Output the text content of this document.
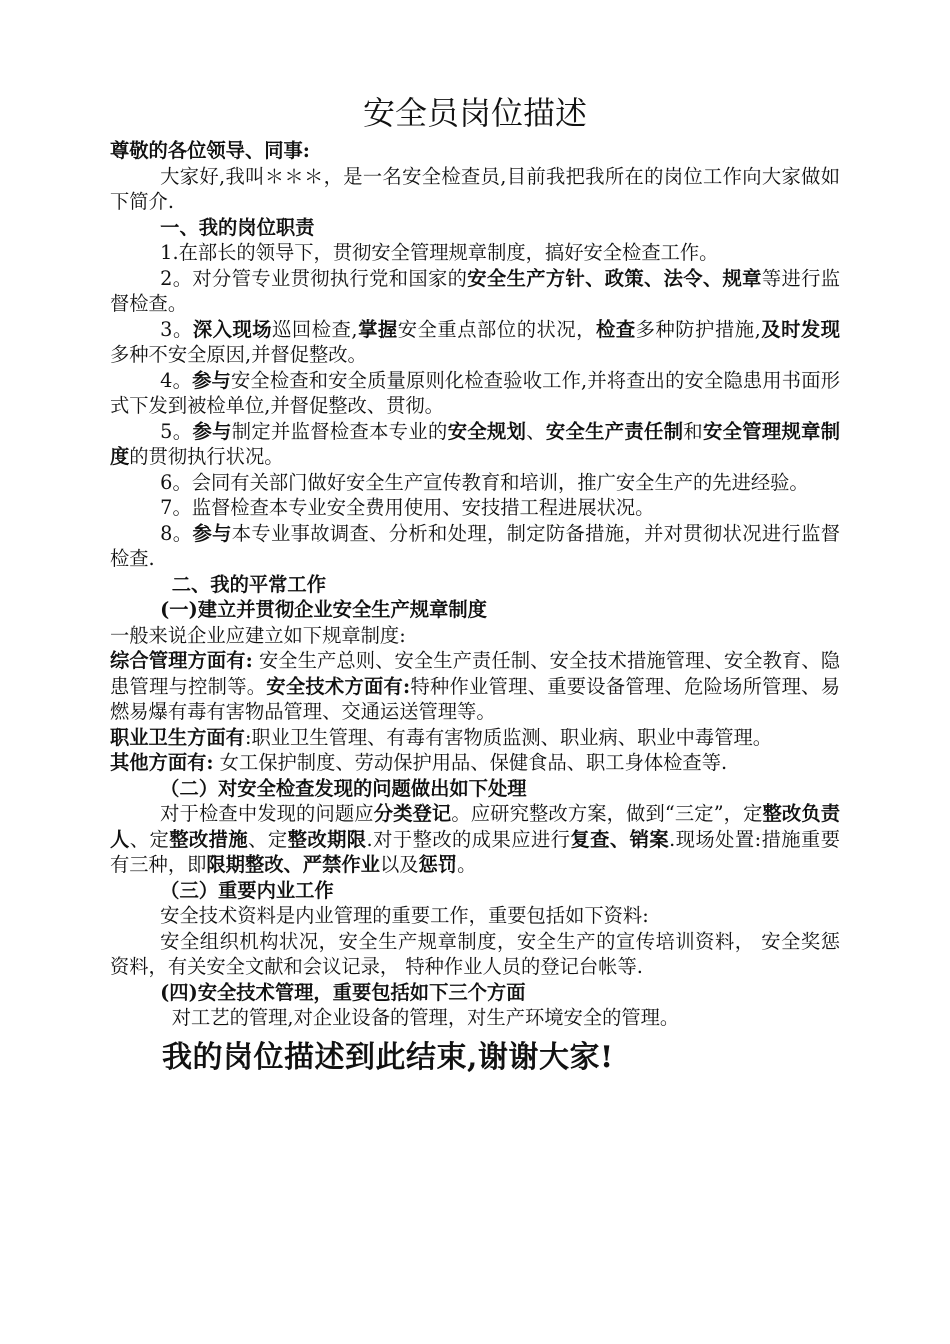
安全员岗位描述

尊敬的各位领导、同事:

大家好,我叫＊＊＊，是一名安全检查员,目前我把我所在的岗位工作向大家做如下简介.

一、我的岗位职责

1.在部长的领导下，贯彻安全管理规章制度，搞好安全检查工作。

2。对分管专业贯彻执行党和国家的安全生产方针、政策、法令、规章等进行监督检查。

3。深入现场巡回检查,掌握安全重点部位的状况，检查多种防护措施,及时发现多种不安全原因,并督促整改。

4。参与安全检查和安全质量原则化检查验收工作,并将查出的安全隐患用书面形式下发到被检单位,并督促整改、贯彻。

5。参与制定并监督检查本专业的安全规划、安全生产责任制和安全管理规章制度的贯彻执行状况。

6。会同有关部门做好安全生产宣传教育和培训，推广安全生产的先进经验。

7。监督检查本专业安全费用使用、安技措工程进展状况。

8。参与本专业事故调查、分析和处理，制定防备措施，并对贯彻状况进行监督检查.

二、我的平常工作

(一)建立并贯彻企业安全生产规章制度

一般来说企业应建立如下规章制度:

综合管理方面有: 安全生产总则、安全生产责任制、安全技术措施管理、安全教育、隐患管理与控制等。安全技术方面有:特种作业管理、重要设备管理、危险场所管理、易燃易爆有毒有害物品管理、交通运送管理等。

职业卫生方面有:职业卫生管理、有毒有害物质监测、职业病、职业中毒管理。

其他方面有: 女工保护制度、劳动保护用品、保健食品、职工身体检查等.

（二）对安全检查发现的问题做出如下处理

对于检查中发现的问题应分类登记。应研究整改方案，做到“三定”，定整改负责人、定整改措施、定整改期限.对于整改的成果应进行复查、销案.现场处置:措施重要有三种，即限期整改、严禁作业以及惩罚。

（三）重要内业工作

安全技术资料是内业管理的重要工作，重要包括如下资料:

安全组织机构状况，安全生产规章制度，安全生产的宣传培训资料， 安全奖惩资料，有关安全文献和会议记录， 特种作业人员的登记台帐等.

(四)安全技术管理，重要包括如下三个方面

对工艺的管理,对企业设备的管理，对生产环境安全的管理。

我的岗位描述到此结束,谢谢大家!
